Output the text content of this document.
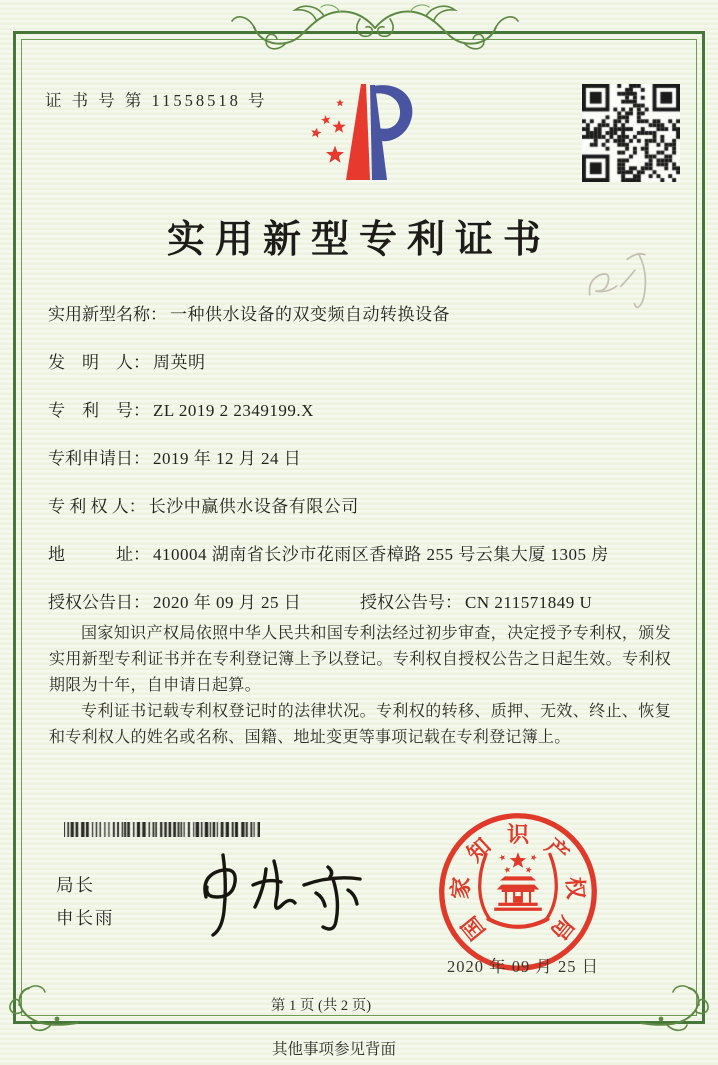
证 书 号 第 11558518 号
实用新型专利证书
实用新型名称： 一种供水设备的双变频自动转换设备
发　明　人： 周英明
专　利　号： ZL 2019 2 2349199.X
专利申请日： 2019 年 12 月 24 日
专 利 权 人： 长沙中赢供水设备有限公司
地　　　址： 410004 湖南省长沙市花雨区香樟路 255 号云集大厦 1305 房
授权公告日： 2020 年 09 月 25 日	授权公告号： CN 211571849 U

国家知识产权局依照中华人民共和国专利法经过初步审查，决定授予专利权，颁发实用新型专利证书并在专利登记簿上予以登记。专利权自授权公告之日起生效。专利权期限为十年，自申请日起算。

专利证书记载专利权登记时的法律状况。专利权的转移、质押、无效、终止、恢复和专利权人的姓名或名称、国籍、地址变更等事项记载在专利登记簿上。

局长
申长雨	国
家
知 识 产
权
局
2020 年 09 月 25 日
第 1 页 (共 2 页)
其他事项参见背面
